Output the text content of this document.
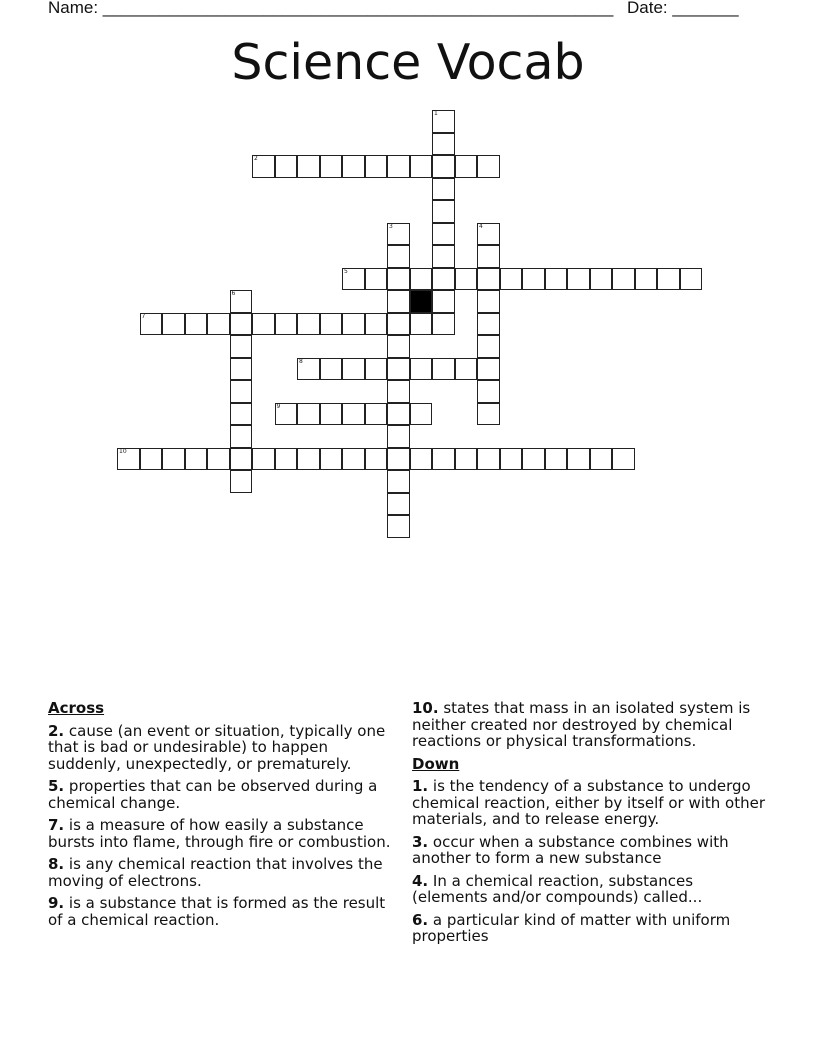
Name: ______________________________________________________ Date: _______
Science Vocab
1
2
3	4
5
6
7
8
9
10
Across
2. cause (an event or situation, typically one that is bad or undesirable) to happen suddenly, unexpectedly, or prematurely.
5. properties that can be observed during a chemical change.
7. is a measure of how easily a substance bursts into flame, through fire or combustion.
8. is any chemical reaction that involves the moving of electrons.
9. is a substance that is formed as the result of a chemical reaction.
10. states that mass in an isolated system is neither created nor destroyed by chemical reactions or physical transformations.
Down
1. is the tendency of a substance to undergo chemical reaction, either by itself or with other materials, and to release energy.
3. occur when a substance combines with another to form a new substance
4. In a chemical reaction, substances (elements and/or compounds) called...
6. a particular kind of matter with uniform properties
